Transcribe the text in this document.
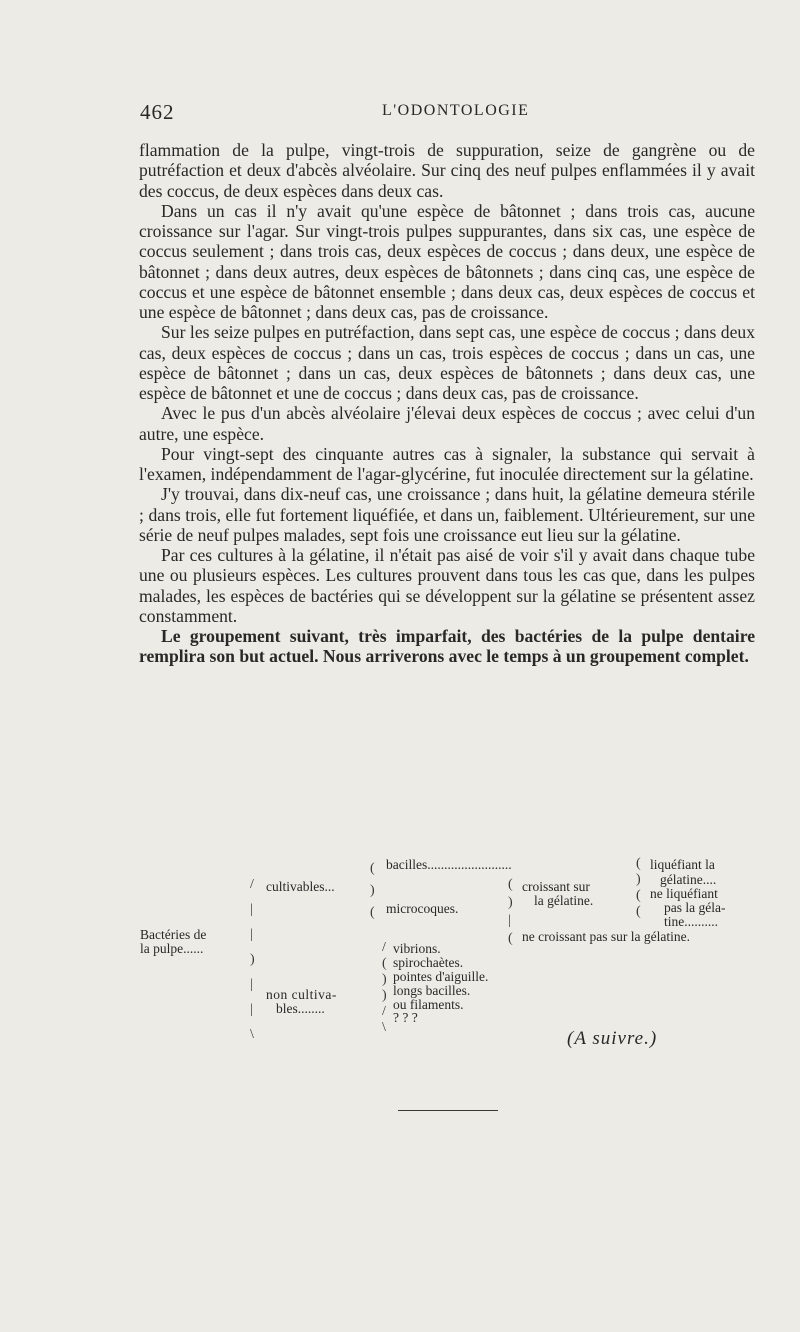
462	L'ODONTOLOGIE

flammation de la pulpe, vingt-trois de suppuration, seize de gangrène ou de putréfaction et deux d'abcès alvéolaire. Sur cinq des neuf pulpes enflammées il y avait des coccus, de deux espèces dans deux cas.

Dans un cas il n'y avait qu'une espèce de bâtonnet ; dans trois cas, aucune croissance sur l'agar. Sur vingt-trois pulpes suppurantes, dans six cas, une espèce de coccus seulement ; dans trois cas, deux espèces de coccus ; dans deux, une espèce de bâtonnet ; dans deux autres, deux espèces de bâtonnets ; dans cinq cas, une espèce de coccus et une espèce de bâtonnet ensemble ; dans deux cas, deux espèces de coccus et une espèce de bâtonnet ; dans deux cas, pas de croissance.

Sur les seize pulpes en putréfaction, dans sept cas, une espèce de coccus ; dans deux cas, deux espèces de coccus ; dans un cas, trois espèces de coccus ; dans un cas, une espèce de bâtonnet ; dans un cas, deux espèces de bâtonnets ; dans deux cas, une espèce de bâtonnet et une de coccus ; dans deux cas, pas de croissance.

Avec le pus d'un abcès alvéolaire j'élevai deux espèces de coccus ; avec celui d'un autre, une espèce.

Pour vingt-sept des cinquante autres cas à signaler, la substance qui servait à l'examen, indépendamment de l'agar-glycérine, fut inoculée directement sur la gélatine.

J'y trouvai, dans dix-neuf cas, une croissance ; dans huit, la gélatine demeura stérile ; dans trois, elle fut fortement liquéfiée, et dans un, faiblement. Ultérieurement, sur une série de neuf pulpes malades, sept fois une croissance eut lieu sur la gélatine.

Par ces cultures à la gélatine, il n'était pas aisé de voir s'il y avait dans chaque tube une ou plusieurs espèces. Les cultures prouvent dans tous les cas que, dans les pulpes malades, les espèces de bactéries qui se développent sur la gélatine se présentent assez constamment.

Le groupement suivant, très imparfait, des bactéries de la pulpe dentaire remplira son but actuel. Nous arriverons avec le temps à un groupement complet.

Bactéries de
la pulpe......
/
|
|
)
|
|
\
cultivables...
(
)
(
bacilles.........................	(
)
(
(
liquéfiant la
gélatine....
ne liquéfiant
pas la géla-
tine..........
microcoques.
(
)
|
(
croissant sur
la gélatine.
ne croissant pas sur la gélatine.
non cultiva-
bles........
/
(
)
)
/
\
vibrions.
spirochaètes.
pointes d'aiguille.
longs bacilles.
ou filaments.
? ? ?
(A suivre.)
